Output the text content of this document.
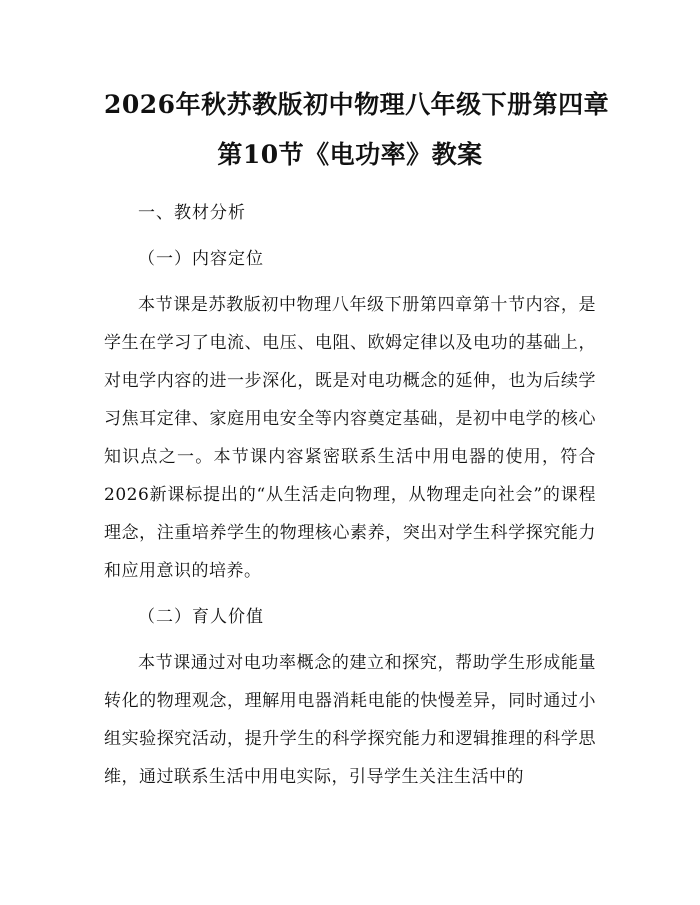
2026年秋苏教版初中物理八年级下册第四章
第10节《电功率》教案

一、教材分析

（一）内容定位

本节课是苏教版初中物理八年级下册第四章第十节内容，是学生在学习了电流、电压、电阻、欧姆定律以及电功的基础上，对电学内容的进一步深化，既是对电功概念的延伸，也为后续学习焦耳定律、家庭用电安全等内容奠定基础，是初中电学的核心知识点之一。本节课内容紧密联系生活中用电器的使用，符合2026新课标提出的“从生活走向物理，从物理走向社会”的课程理念，注重培养学生的物理核心素养，突出对学生科学探究能力和应用意识的培养。

（二）育人价值

本节课通过对电功率概念的建立和探究，帮助学生形成能量转化的物理观念，理解用电器消耗电能的快慢差异，同时通过小组实验探究活动，提升学生的科学探究能力和逻辑推理的科学思维，通过联系生活中用电实际，引导学生关注生活中的
